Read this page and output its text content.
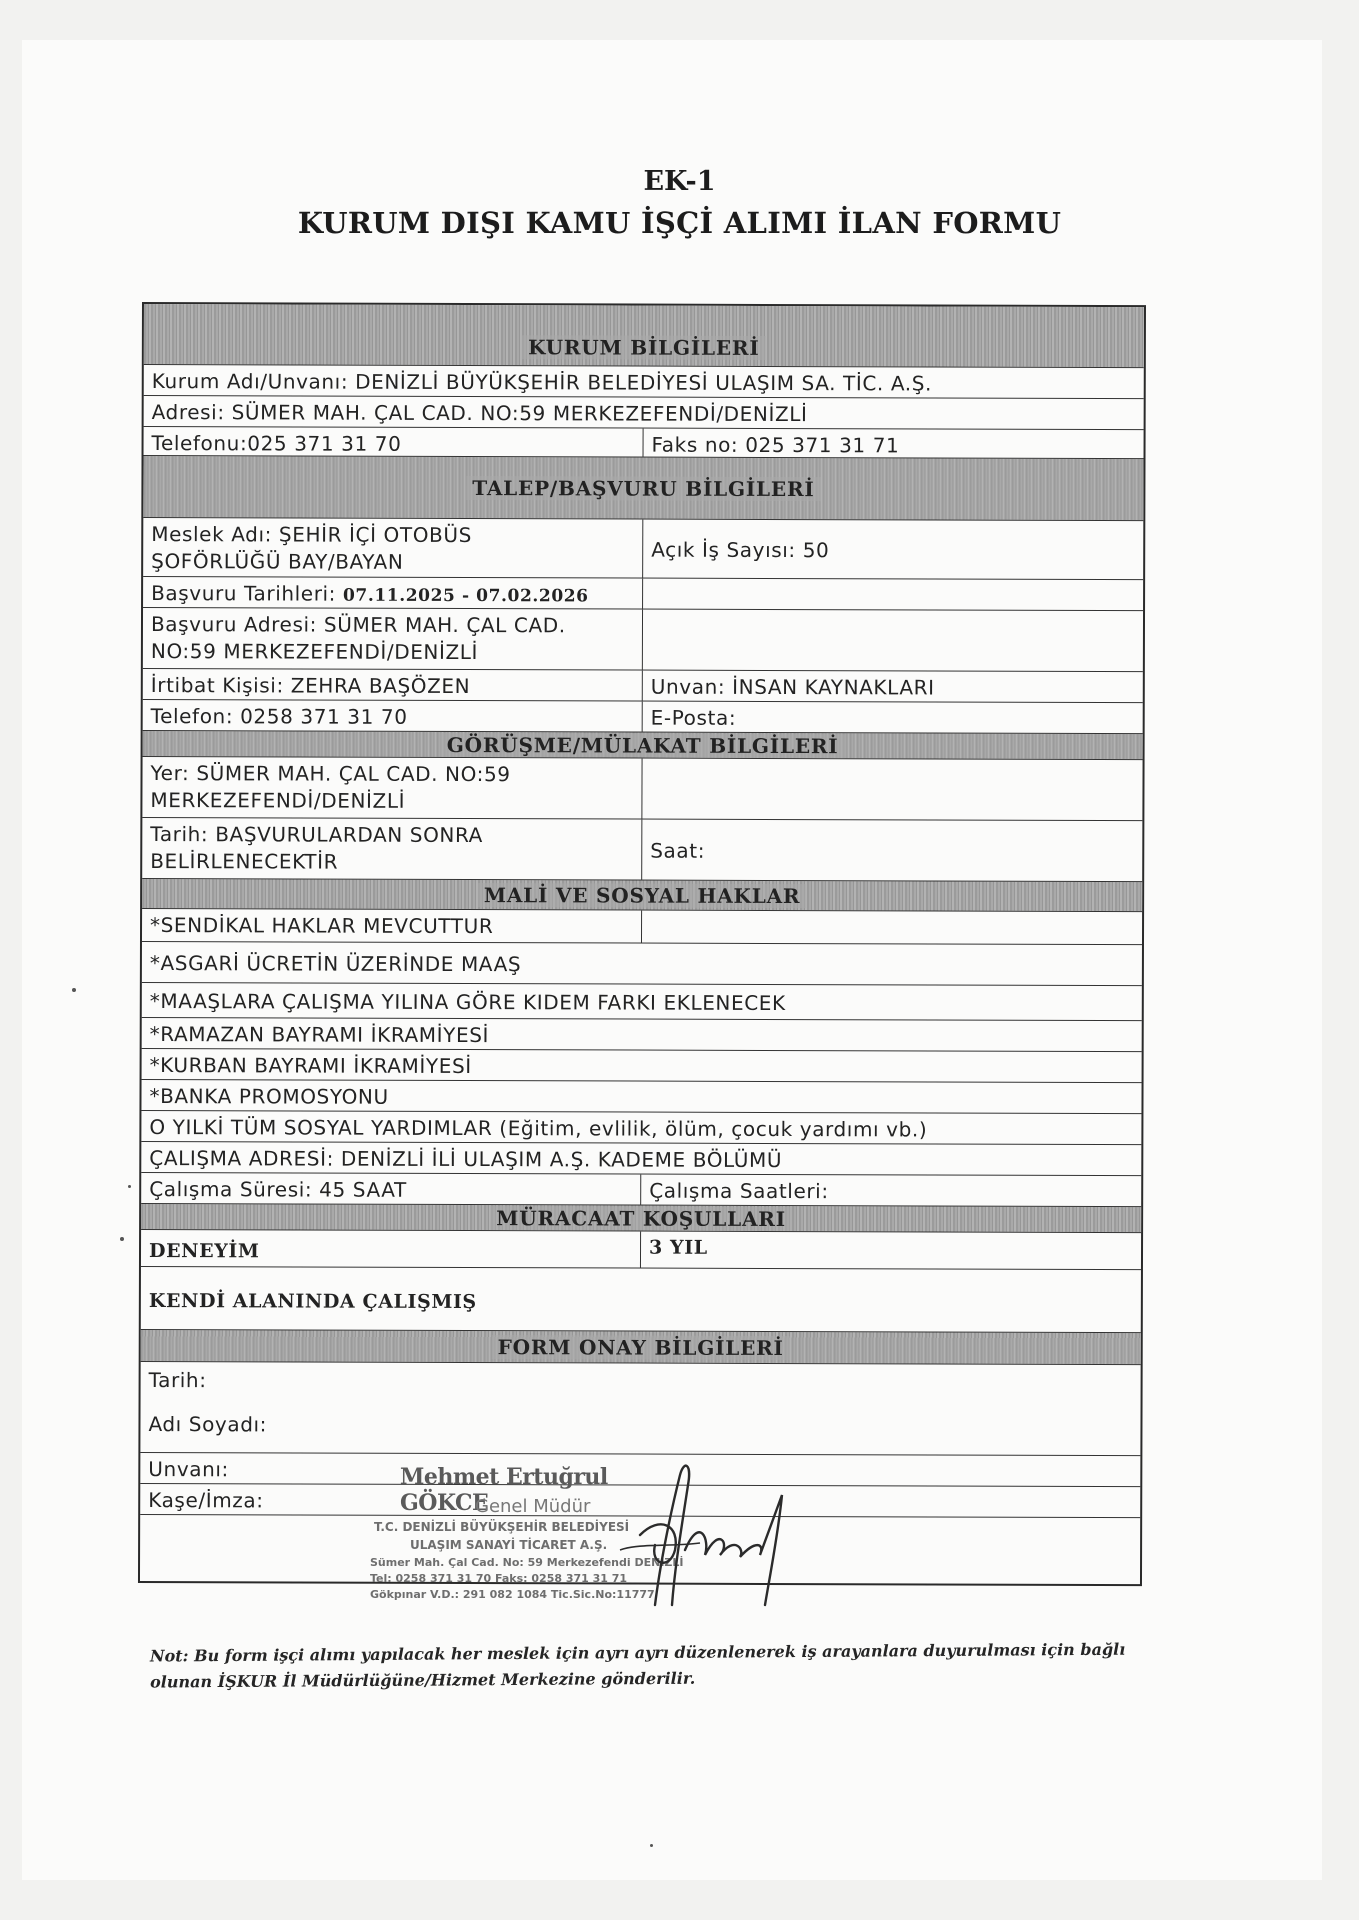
EK-1
KURUM DIŞI KAMU İŞÇİ ALIMI İLAN FORMU
KURUM BİLGİLERİ
Kurum Adı/Unvanı: DENİZLİ BÜYÜKŞEHİR BELEDİYESİ ULAŞIM SA. TİC. A.Ş.
Adresi: SÜMER MAH. ÇAL CAD. NO:59 MERKEZEFENDİ/DENİZLİ
Telefonu:025 371 31 70	Faks no: 025 371 31 71
TALEP/BAŞVURU BİLGİLERİ
Meslek Adı: ŞEHİR İÇİ OTOBÜS
ŞOFÖRLÜĞÜ BAY/BAYAN	Açık İş Sayısı: 50
Başvuru Tarihleri: 07.11.2025 - 07.02.2026
Başvuru Adresi: SÜMER MAH. ÇAL CAD.
NO:59 MERKEZEFENDİ/DENİZLİ
İrtibat Kişisi: ZEHRA BAŞÖZEN	Unvan: İNSAN KAYNAKLARI
Telefon: 0258 371 31 70	E-Posta:
GÖRÜŞME/MÜLAKAT BİLGİLERİ
Yer: SÜMER MAH. ÇAL CAD. NO:59
MERKEZEFENDİ/DENİZLİ
Tarih: BAŞVURULARDAN SONRA
BELİRLENECEKTİR	Saat:
MALİ VE SOSYAL HAKLAR
*SENDİKAL HAKLAR MEVCUTTUR
*ASGARİ ÜCRETİN ÜZERİNDE MAAŞ
*MAAŞLARA ÇALIŞMA YILINA GÖRE KIDEM FARKI EKLENECEK
*RAMAZAN BAYRAMI İKRAMİYESİ
*KURBAN BAYRAMI İKRAMİYESİ
*BANKA PROMOSYONU
O YILKİ TÜM SOSYAL YARDIMLAR (Eğitim, evlilik, ölüm, çocuk yardımı vb.)
ÇALIŞMA ADRESİ: DENİZLİ İLİ ULAŞIM A.Ş. KADEME BÖLÜMÜ
Çalışma Süresi: 45 SAAT	Çalışma Saatleri:
MÜRACAAT KOŞULLARI
DENEYİM	3 YIL
KENDİ ALANINDA ÇALIŞMIŞ
FORM ONAY BİLGİLERİ
Tarih:
Adı Soyadı:
Unvanı:
Kaşe/İmza:
Mehmet Ertuğrul GÖKCE
Genel Müdür
T.C. DENİZLİ BÜYÜKŞEHİR BELEDİYESİ
ULAŞIM SANAYİ TİCARET A.Ş.
Sümer Mah. Çal Cad. No: 59 Merkezefendi DENİZLİ
Tel: 0258 371 31 70 Faks: 0258 371 31 71
Gökpınar V.D.: 291 082 1084 Tic.Sic.No:11777
Not: Bu form işçi alımı yapılacak her meslek için ayrı ayrı düzenlenerek iş arayanlara duyurulması için bağlı olunan İŞKUR İl Müdürlüğüne/Hizmet Merkezine gönderilir.
